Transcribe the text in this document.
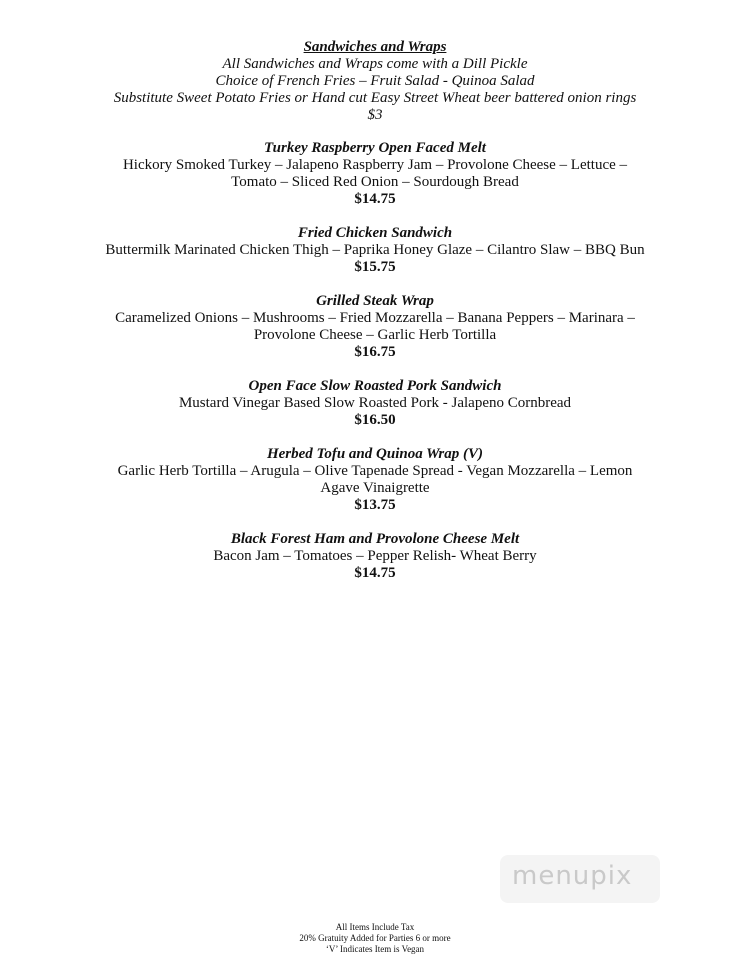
Sandwiches and Wraps
All Sandwiches and Wraps come with a Dill Pickle
Choice of French Fries – Fruit Salad - Quinoa Salad
Substitute Sweet Potato Fries or Hand cut Easy Street Wheat beer battered onion rings
$3
Turkey Raspberry Open Faced Melt
Hickory Smoked Turkey – Jalapeno Raspberry Jam – Provolone Cheese – Lettuce –
Tomato – Sliced Red Onion – Sourdough Bread
$14.75
Fried Chicken Sandwich
Buttermilk Marinated Chicken Thigh – Paprika Honey Glaze – Cilantro Slaw – BBQ Bun
$15.75
Grilled Steak Wrap
Caramelized Onions – Mushrooms – Fried Mozzarella – Banana Peppers – Marinara –
Provolone Cheese – Garlic Herb Tortilla
$16.75
Open Face Slow Roasted Pork Sandwich
Mustard Vinegar Based Slow Roasted Pork - Jalapeno Cornbread
$16.50
Herbed Tofu and Quinoa Wrap (V)
Garlic Herb Tortilla – Arugula – Olive Tapenade Spread - Vegan Mozzarella – Lemon
Agave Vinaigrette
$13.75
Black Forest Ham and Provolone Cheese Melt
Bacon Jam – Tomatoes – Pepper Relish- Wheat Berry
$14.75
menupix
All Items Include Tax
20% Gratuity Added for Parties 6 or more
‘V’ Indicates Item is Vegan
